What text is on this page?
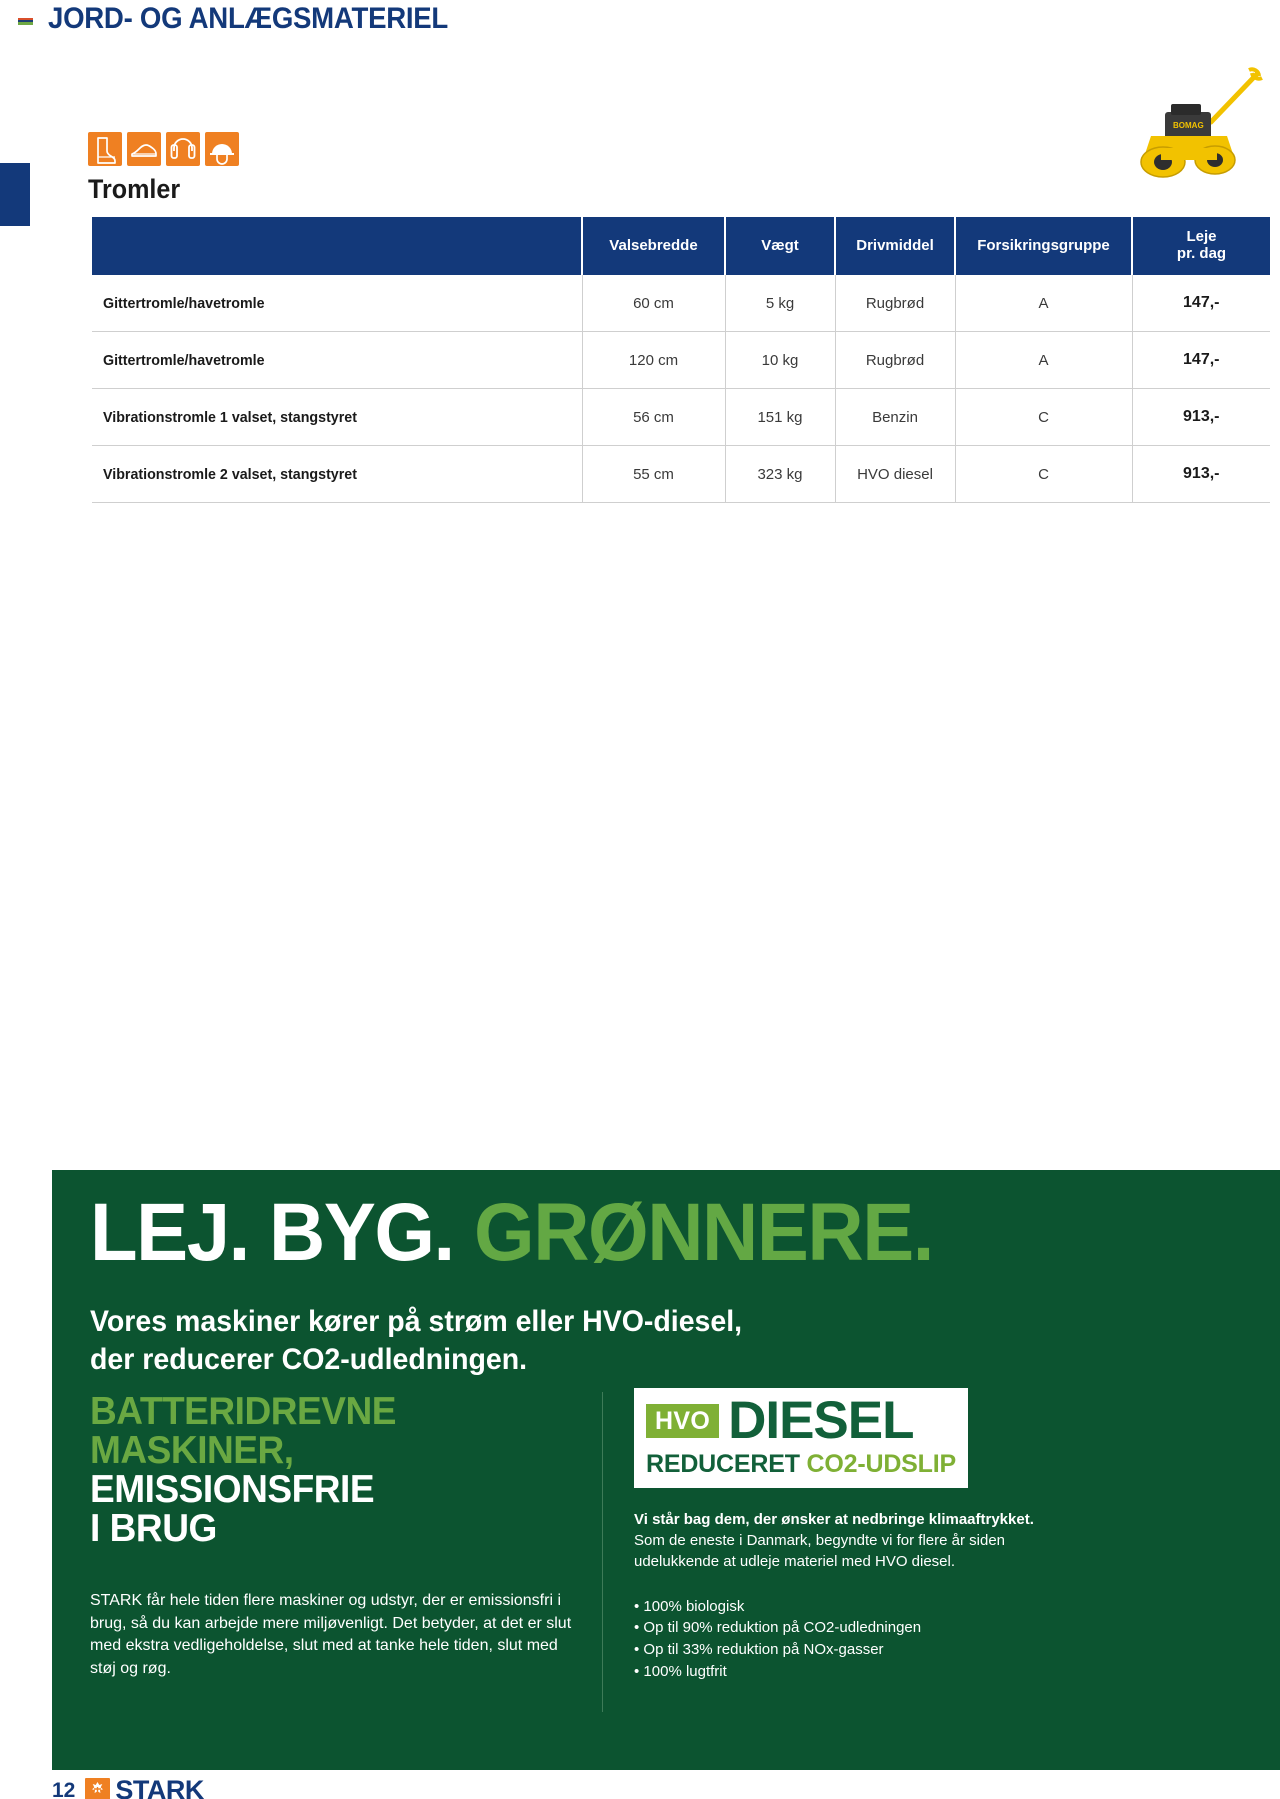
JORD- OG ANLÆGSMATERIEL
BOMAG
Tromler
	Valsebredde	Vægt	Drivmiddel	Forsikringsgruppe	Leje
pr. dag
Gittertromle/havetromle	60 cm	5 kg	Rugbrød	A	147,-
Gittertromle/havetromle	120 cm	10 kg	Rugbrød	A	147,-
Vibrationstromle 1 valset, stangstyret	56 cm	151 kg	Benzin	C	913,-
Vibrationstromle 2 valset, stangstyret	55 cm	323 kg	HVO diesel	C	913,-
LEJ. BYG. GRØNNERE.
Vores maskiner kører på strøm eller HVO-diesel,
der reducerer CO2-udledningen.
BATTERIDREVNE
MASKINER,
EMISSIONSFRIE
I BRUG
STARK får hele tiden flere maskiner og udstyr, der er emissionsfri i brug, så du kan arbejde mere miljøvenligt. Det betyder, at det er slut med ekstra vedligeholdelse, slut med at tanke hele tiden, slut med støj og røg.
HVO DIESEL
REDUCERET CO2-UDSLIP
Vi står bag dem, der ønsker at nedbringe klimaaftrykket.
Som de eneste i Danmark, begyndte vi for flere år siden udelukkende at udleje materiel med HVO diesel.
• 100% biologisk
• Op til 90% reduktion på CO2-udledningen
• Op til 33% reduktion på NOx-gasser
• 100% lugtfrit
12 STARK
